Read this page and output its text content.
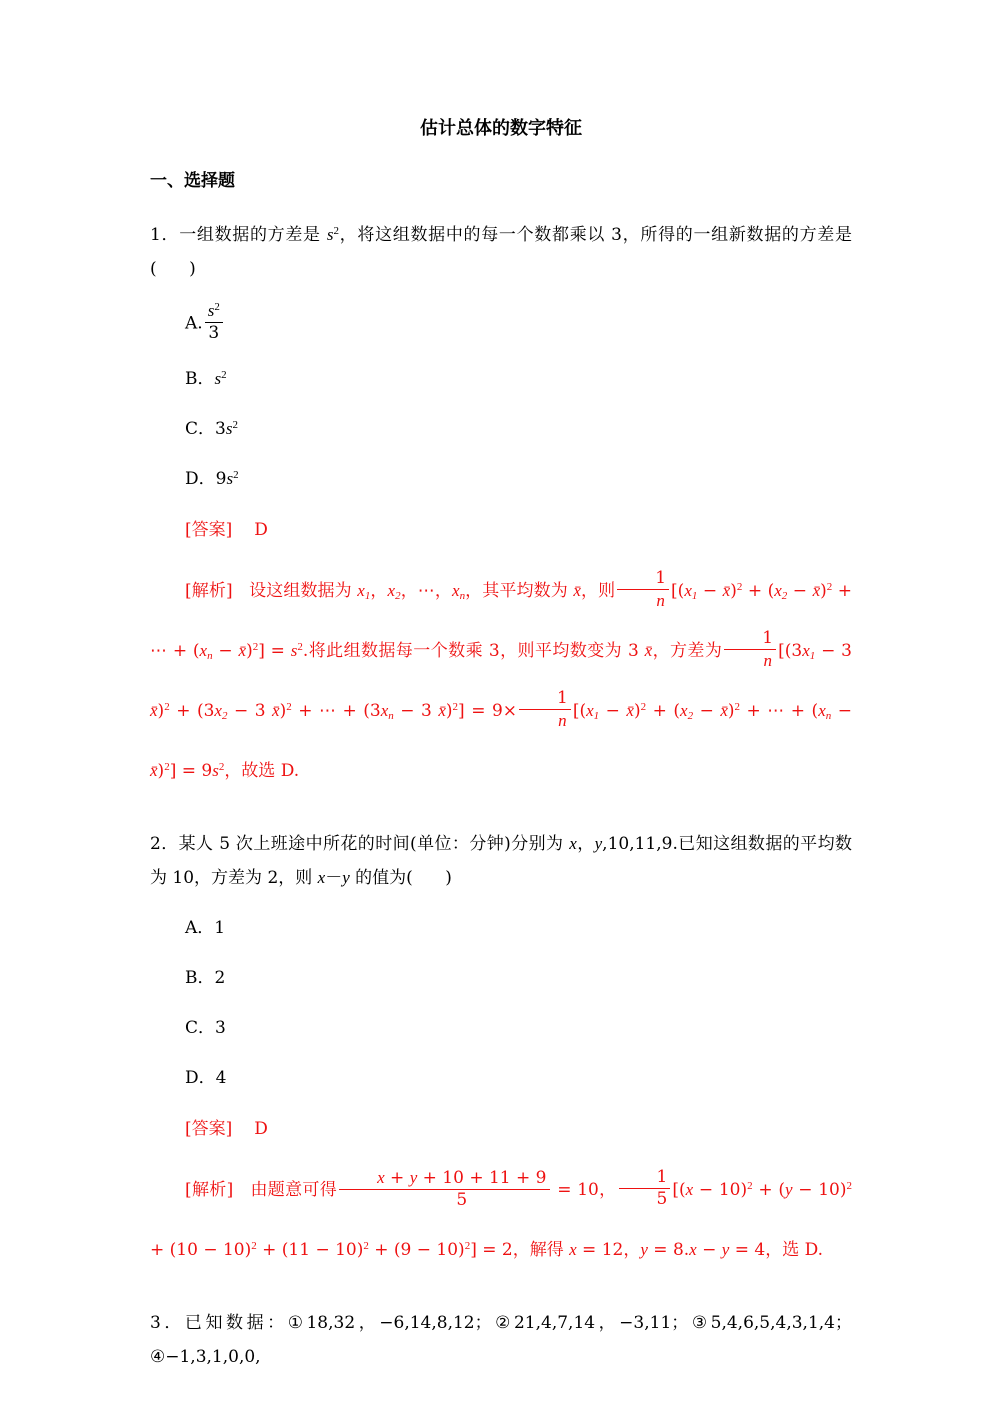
估计总体的数字特征
一、选择题
1．一组数据的方差是 $s^2$，将这组数据中的每一个数都乘以 3，所得的一组新数据的方差是( )
A. $\frac{s^2}{3}$
B．$s^2$
C．$3s^2$
D．$9s^2$
[答案] D
[解析]   设这组数据为 $x_1$，$x_2$，⋯，$x_n$，其平均数为 x̄，则 $\frac{1}{n} [(x_1$ − x̄)$^2$ + ($x_2$ − x̄)$^2$ + ⋯ + ($x_n$ − x̄)$^2$] = $s^2$.将此组数据每一个数乘 3，则平均数变为 3 x̄，方差为 $\frac{1}{n} [(3x_1 - 3$ x̄)$^2$ + ($3x_2 - 3$ x̄)$^2$ + ⋯ + ($3x_n - 3$ x̄)$^2$] = $9\times \frac{1}{n} [(x_1$ − x̄)$^2$ + ($x_2$ − x̄)$^2$ + ⋯ + ($x_n$ − x̄)$^2$] = $9s^2$，故选 D.
2．某人 5 次上班途中所花的时间(单位：分钟)分别为 x，y,10,11,9.已知这组数据的平均数为 10，方差为 2，则 x－y 的值为( )
A．1
B．2
C．3
D．4
[答案] D
[解析]   由题意可得 $\frac{x + y + 10 + 11 + 9}{5} = 10$， $\frac{1}{5} [(x - 10)^2 + (y - 10)^2 + (10 - 10)^2 + (11 - 10)^2 + (9 - 10)^2] = 2$，解得 x = 12，y = 8.x − y = 4，选 D.
3．已知数据：①18,32，−6,14,8,12；②21,4,7,14，−3,11；③5,4,6,5,4,3,1,4；④−1,3,1,0,0,
